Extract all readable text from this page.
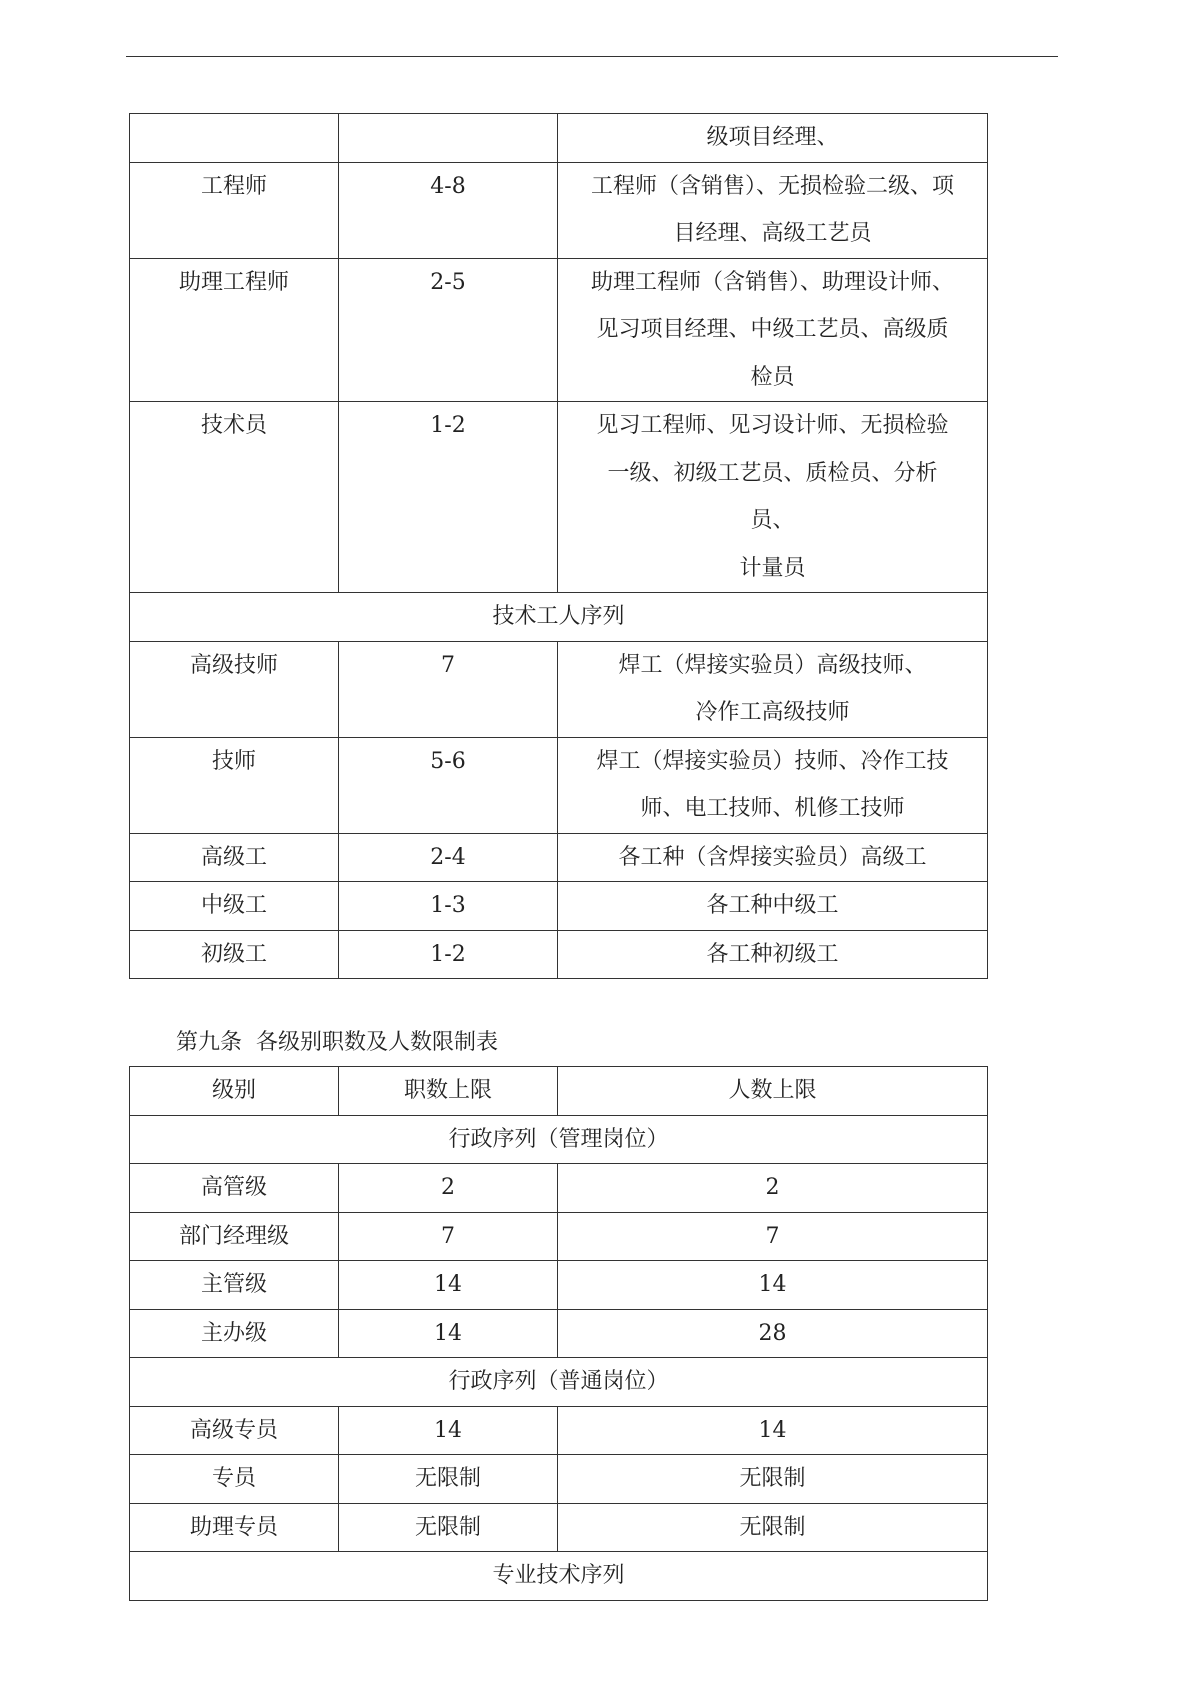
		级项目经理、

工程师	4-8	工程师（含销售）、无损检验二级、项
目经理、高级工艺员

助理工程师	2-5	助理工程师（含销售）、助理设计师、
见习项目经理、中级工艺员、高级质
检员

技术员	1-2	见习工程师、见习设计师、无损检验
一级、初级工艺员、质检员、分析
员、
计量员

技术工人序列		
高级技师	7	焊工（焊接实验员）高级技师、
冷作工高级技师

技师	5-6	焊工（焊接实验员）技师、冷作工技
师、电工技师、机修工技师

高级工	2-4	各工种（含焊接实验员）高级工

中级工	1-3	各工种中级工

初级工	1-2	各工种初级工
第九条  各级别职数及人数限制表
级别	职数上限	人数上限
行政序列（管理岗位）		
高管级	2	2
部门经理级	7	7
主管级	14	14
主办级	14	28
行政序列（普通岗位）		
高级专员	14	14
专员	无限制	无限制
助理专员	无限制	无限制
专业技术序列		
